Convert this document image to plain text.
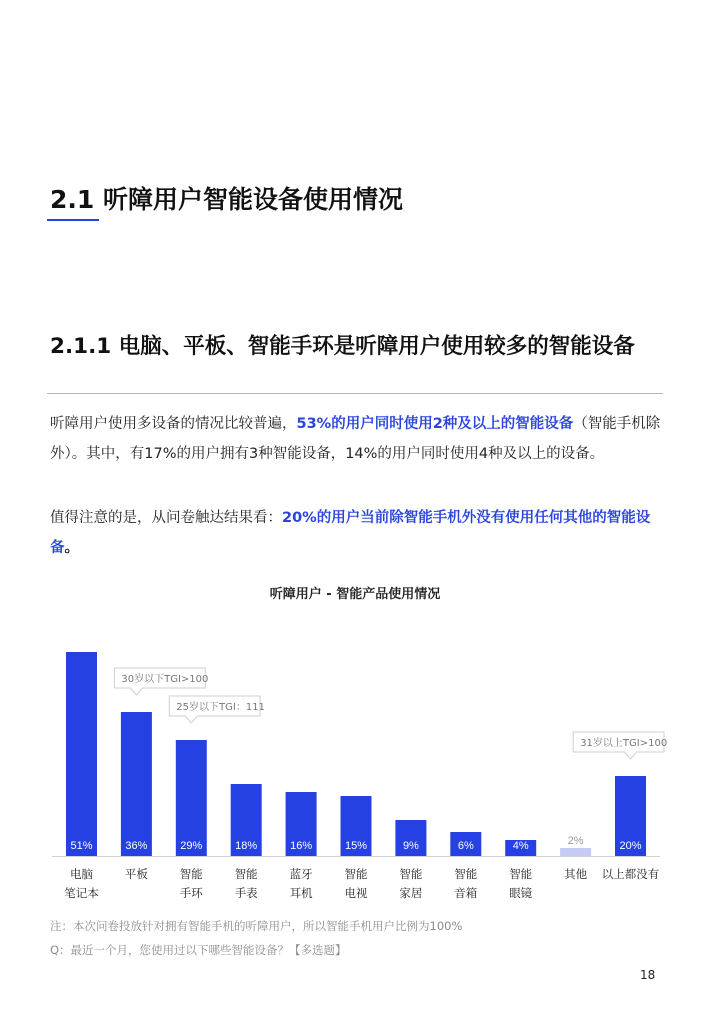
2.1 听障用户智能设备使用情况
2.1.1 电脑、平板、智能手环是听障用户使用较多的智能设备

听障用户使用多设备的情况比较普遍，53%的用户同时使用2种及以上的智能设备（智能手机除外）。其中，有17%的用户拥有3种智能设备，14%的用户同时使用4种及以上的设备。

值得注意的是，从问卷触达结果看：20%的用户当前除智能手机外没有使用任何其他的智能设备。

听障用户 - 智能产品使用情况
51%
电脑
笔记本
36%
平板
29%
智能
手环
18%
智能
手表
16%
蓝牙
耳机
15%
智能
电视
9%
智能
家居
6%
智能
音箱
4%
智能
眼镜
2%
其他
20%
以上都没有
30岁以下TGI>100
25岁以下TGI：111
31岁以上TGI>100
注：本次问卷投放针对拥有智能手机的听障用户，所以智能手机用户比例为100%
Q：最近一个月，您使用过以下哪些智能设备？【多选题】
18
